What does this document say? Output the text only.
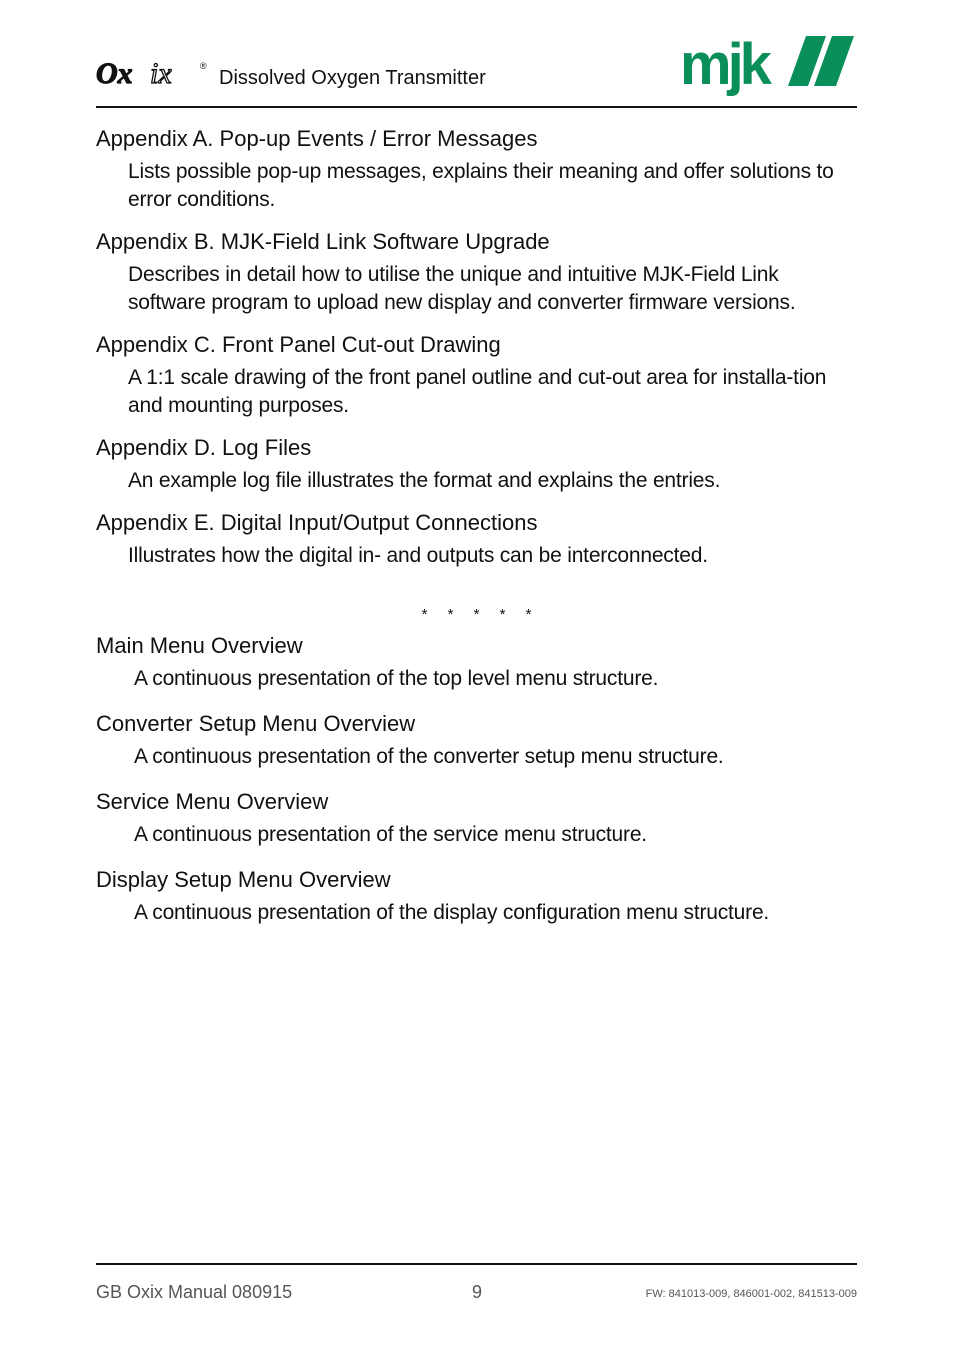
Ox ix	®
Dissolved Oxygen Transmitter	mjk
Appendix A. Pop-up Events / Error Messages

Lists possible pop-up messages, explains their meaning and offer solutions to error conditions.

Appendix B. MJK-Field Link Software Upgrade

Describes in detail how to utilise the unique and intuitive MJK-Field Link software program to upload new display and converter firmware versions.

Appendix C. Front Panel Cut-out Drawing

A 1:1 scale drawing of the front panel outline and cut-out area for installa-tion and mounting purposes.

Appendix D. Log Files

An example log file illustrates the format and explains the entries.

Appendix E. Digital Input/Output Connections

Illustrates how the digital in- and outputs can be interconnected.

* * * * *
Main Menu Overview

A continuous presentation of the top level menu structure.

Converter Setup Menu Overview

A continuous presentation of the converter setup menu structure.

Service Menu Overview

A continuous presentation of the service menu structure.

Display Setup Menu Overview

A continuous presentation of the display configuration menu structure.

GB Oxix Manual 080915	9	FW: 841013-009, 846001-002, 841513-009
